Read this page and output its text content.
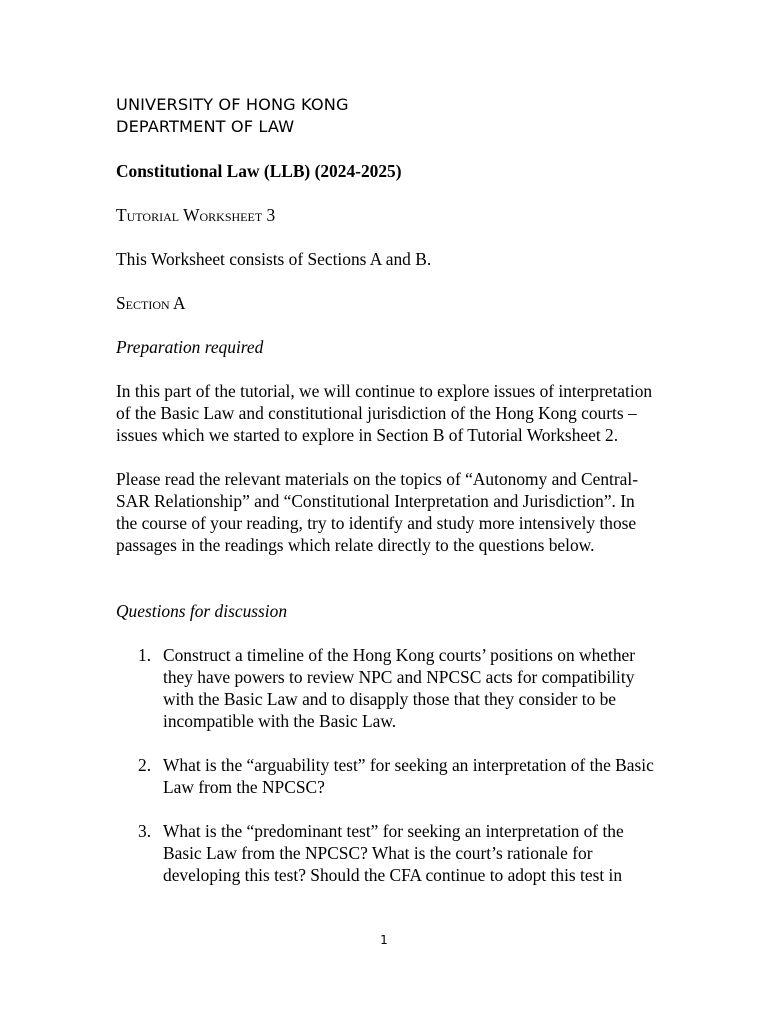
UNIVERSITY OF HONG KONG

DEPARTMENT OF LAW

Constitutional Law (LLB) (2024-2025)

Tutorial Worksheet 3

This Worksheet consists of Sections A and B.

Section A

Preparation required

In this part of the tutorial, we will continue to explore issues of interpretation of the Basic Law and constitutional jurisdiction of the Hong Kong courts – issues which we started to explore in Section B of Tutorial Worksheet 2.

Please read the relevant materials on the topics of “Autonomy and Central-SAR Relationship” and “Constitutional Interpretation and Jurisdiction”. In the course of your reading, try to identify and study more intensively those passages in the readings which relate directly to the questions below.

Questions for discussion

1. Construct a timeline of the Hong Kong courts’ positions on whether they have powers to review NPC and NPCSC acts for compatibility with the Basic Law and to disapply those that they consider to be incompatible with the Basic Law.
2. What is the “arguability test” for seeking an interpretation of the Basic Law from the NPCSC?
3. What is the “predominant test” for seeking an interpretation of the Basic Law from the NPCSC? What is the court’s rationale for developing this test? Should the CFA continue to adopt this test in
1
